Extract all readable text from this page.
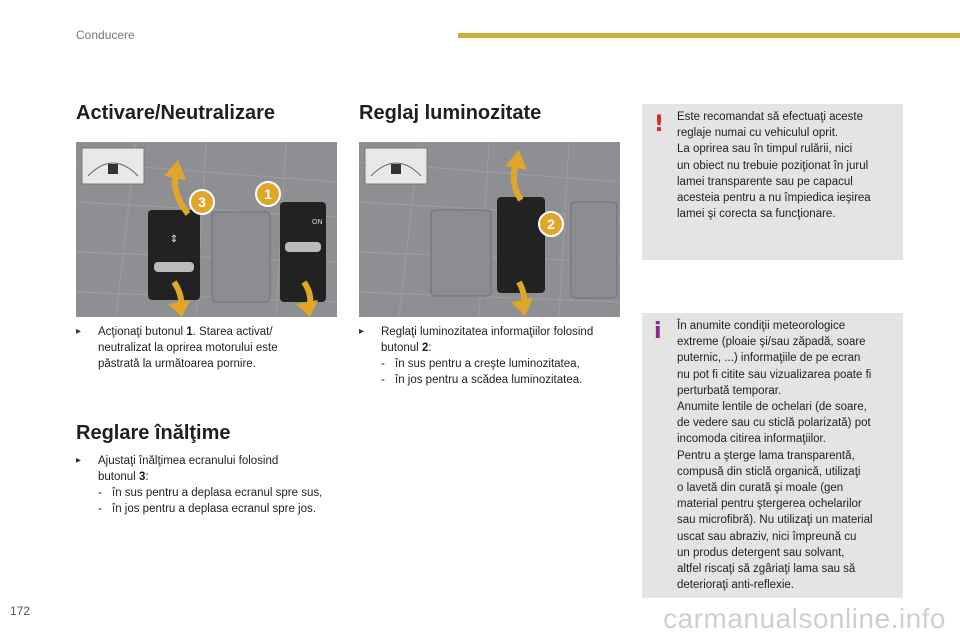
Conducere
Activare/Neutralizare
⇕
ON
3	1
▸	Acţionaţi butonul 1. Starea activat/
neutralizat la oprirea motorului este
păstrată la următoarea pornire.
Reglare înălţime
▸	Ajustaţi înălţimea ecranului folosind
butonul 3:
- în sus pentru a deplasa ecranul spre sus,
- în jos pentru a deplasa ecranul spre jos.
Reglaj luminozitate
2
▸	Reglaţi luminozitatea informaţiilor folosind
butonul 2:
- în sus pentru a creşte luminozitatea,
- în jos pentru a scădea luminozitatea.
! Este recomandat să efectuaţi aceste
reglaje numai cu vehiculul oprit.
La oprirea sau în timpul rulării, nici
un obiect nu trebuie poziţionat în jurul
lamei transparente sau pe capacul
acesteia pentru a nu împiedica ieşirea
lamei şi corecta sa funcţionare.
i În anumite condiţii meteorologice
extreme (ploaie şi/sau zăpadă, soare
puternic, ...) informaţiile de pe ecran
nu pot fi citite sau vizualizarea poate fi
perturbată temporar.
Anumite lentile de ochelari (de soare,
de vedere sau cu sticlă polarizată) pot
incomoda citirea informaţiilor.
Pentru a şterge lama transparentă,
compusă din sticlă organică, utilizaţi
o lavetă din curată şi moale (gen
material pentru ştergerea ochelarilor
sau microfibră). Nu utilizaţi un material
uscat sau abraziv, nici împreună cu
un produs detergent sau solvant,
altfel riscaţi să zgâriaţi lama sau să
deterioraţi anti-reflexie.
172	carmanualsonline.info
